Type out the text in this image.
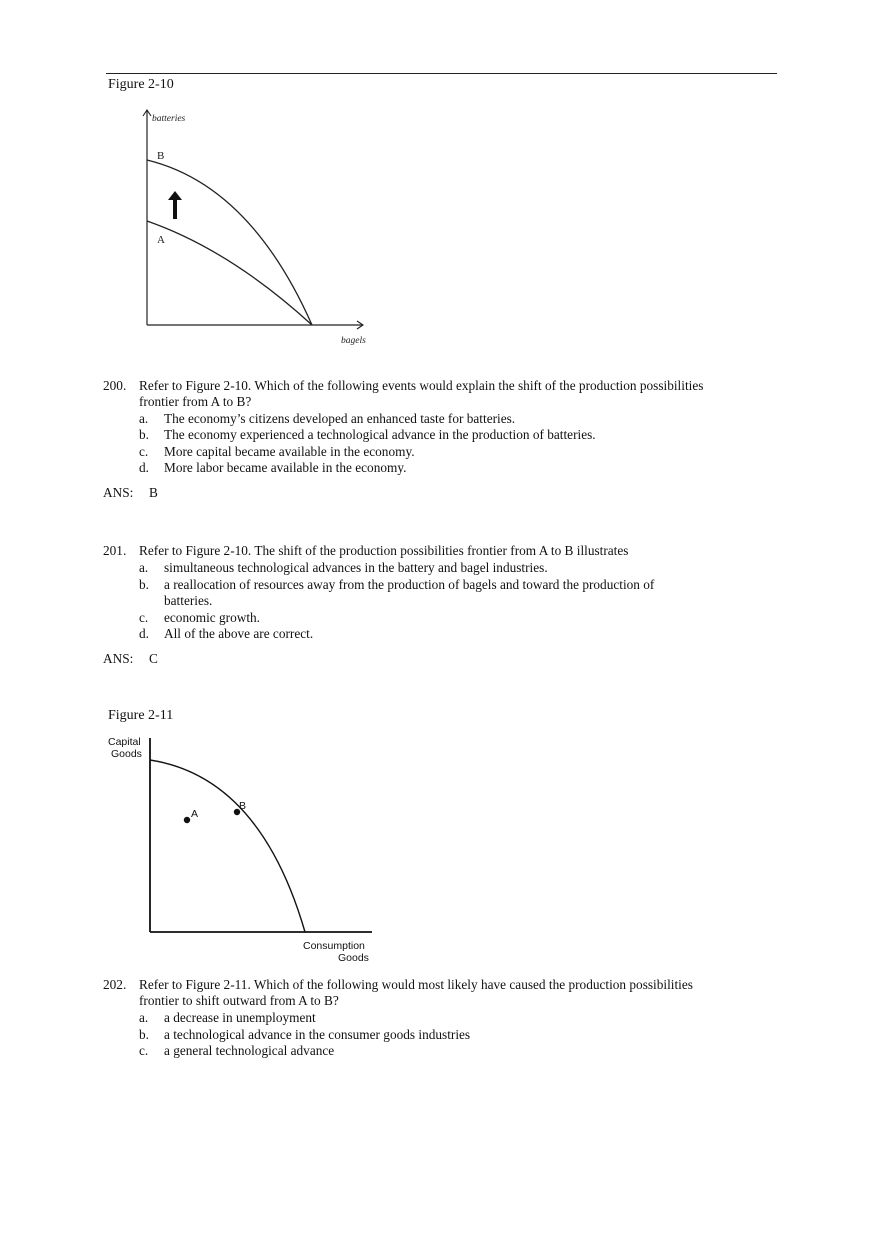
Figure 2-10
batteries
bagels
B
A
200. Refer to Figure 2-10. Which of the following events would explain the shift of the production possibilities
frontier from A to B?
a. The economy’s citizens developed an enhanced taste for batteries.
b. The economy experienced a technological advance in the production of batteries.
c. More capital became available in the economy.
d. More labor became available in the economy.
ANS: B
201. Refer to Figure 2-10. The shift of the production possibilities frontier from A to B illustrates
a. simultaneous technological advances in the battery and bagel industries.
b. a reallocation of resources away from the production of bagels and toward the production of
batteries.
c. economic growth.
d. All of the above are correct.
ANS: C
Figure 2-11
A
B
Capital
Goods
Consumption
Goods
202. Refer to Figure 2-11. Which of the following would most likely have caused the production possibilities
frontier to shift outward from A to B?
a. a decrease in unemployment
b. a technological advance in the consumer goods industries
c. a general technological advance
